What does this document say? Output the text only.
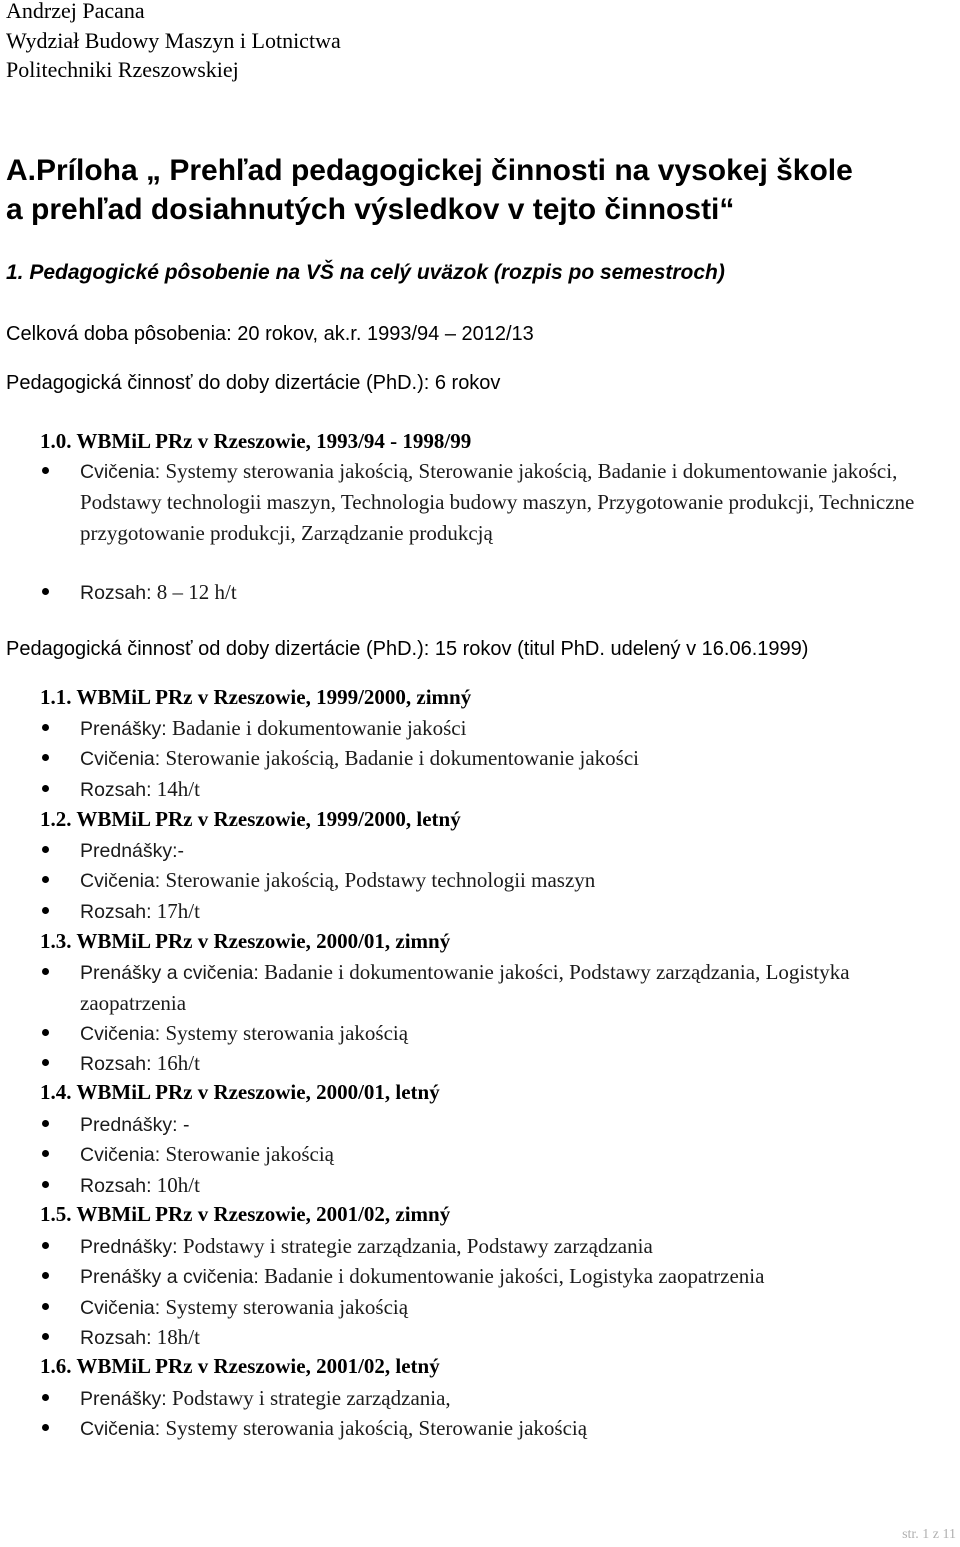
Andrzej Pacana
Wydział Budowy Maszyn i Lotnictwa
Politechniki Rzeszowskiej
A.Príloha „ Prehľad pedagogickej činnosti na vysokej škole
a prehľad dosiahnutých výsledkov v tejto činnosti“
1. Pedagogické pôsobenie na VŠ na celý uväzok (rozpis po semestroch)
Celková doba pôsobenia: 20 rokov, ak.r. 1993/94 – 2012/13
Pedagogická činnosť do doby dizertácie (PhD.): 6 rokov
1.0. WBMiL PRz v Rzeszowie, 1993/94 - 1998/99
Cvičenia: Systemy sterowania jakością, Sterowanie jakością, Badanie i dokumentowanie jakości, Podstawy technologii maszyn, Technologia budowy maszyn, Przygotowanie produkcji, Techniczne przygotowanie produkcji, Zarządzanie produkcją
Rozsah: 8 – 12 h/t
Pedagogická činnosť od doby dizertácie (PhD.): 15 rokov (titul PhD. udelený v 16.06.1999)
1.1. WBMiL PRz v Rzeszowie, 1999/2000, zimný
Prenášky: Badanie i dokumentowanie jakości
Cvičenia: Sterowanie jakością, Badanie i dokumentowanie jakości
Rozsah: 14h/t
1.2. WBMiL PRz v Rzeszowie, 1999/2000, letný
Prednášky:-
Cvičenia: Sterowanie jakością, Podstawy technologii maszyn
Rozsah: 17h/t
1.3. WBMiL PRz v Rzeszowie, 2000/01, zimný
Prenášky a cvičenia: Badanie i dokumentowanie jakości, Podstawy zarządzania, Logistyka zaopatrzenia
Cvičenia: Systemy sterowania jakością
Rozsah: 16h/t
1.4. WBMiL PRz v Rzeszowie, 2000/01, letný
Prednášky: -
Cvičenia: Sterowanie jakością
Rozsah: 10h/t
1.5. WBMiL PRz v Rzeszowie, 2001/02, zimný
Prednášky: Podstawy i strategie zarządzania, Podstawy zarządzania
Prenášky a cvičenia: Badanie i dokumentowanie jakości, Logistyka zaopatrzenia
Cvičenia: Systemy sterowania jakością
Rozsah: 18h/t
1.6. WBMiL PRz v Rzeszowie, 2001/02, letný
Prenášky: Podstawy i strategie zarządzania,
Cvičenia: Systemy sterowania jakością, Sterowanie jakością
str. 1 z 11
